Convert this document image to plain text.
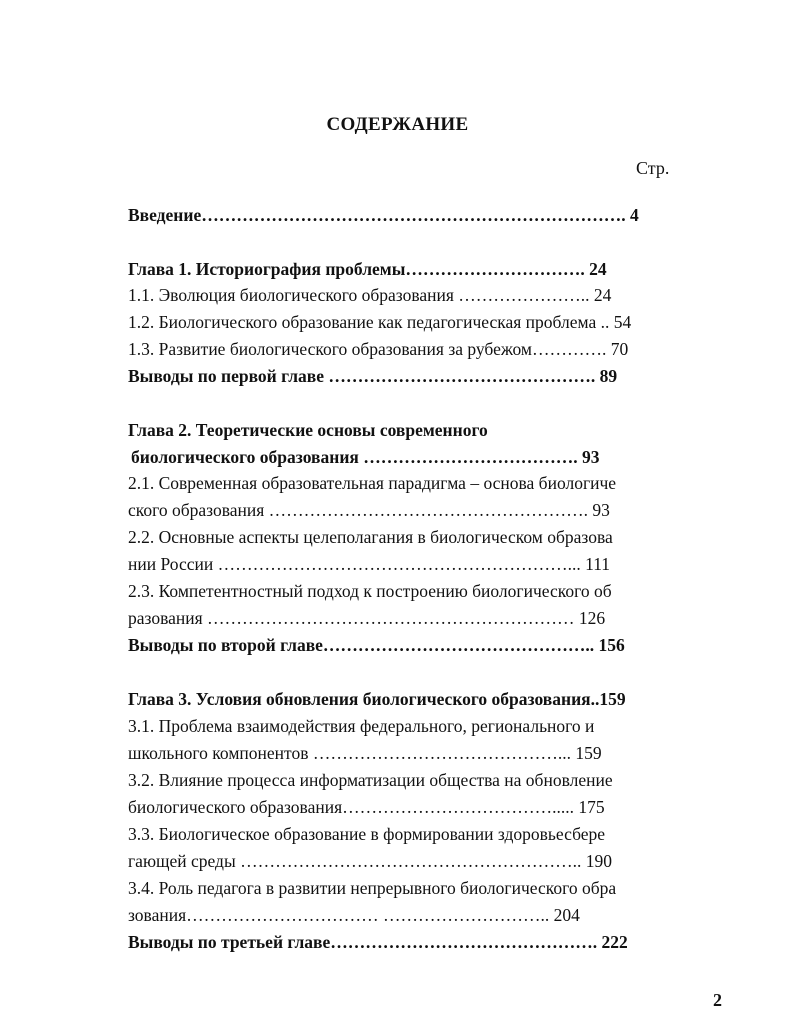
СОДЕРЖАНИЕ
Стр.
Введение………………………………………………………………. 4
Глава 1. Историография проблемы…………………………. 24
1.1. Эволюция биологического образования ………………….. 24
1.2. Биологического образование как педагогическая проблема .. 54
1.3. Развитие биологического образования за рубежом…………. 70
Выводы по первой главе ………………………………………. 89
Глава 2. Теоретические основы современного
биологического образования ………………………………. 93
2.1. Современная образовательная парадигма – основа биологиче
ского образования ………………………………………………. 93
2.2. Основные аспекты целеполагания в биологическом образова
нии России ……………………………………………………... 111
2.3. Компетентностный подход к построению биологического об
разования ……………………………………………………… 126
Выводы по второй главе……………………………………….. 156
Глава 3. Условия обновления биологического образования..159
3.1. Проблема взаимодействия федерального, регионального и
школьного компонентов ……………………………………... 159
3.2. Влияние процесса информатизации общества на обновление
биологического образования………………………………..... 175
3.3. Биологическое образование в формировании здоровьесбере
гающей среды ………………………………………………….. 190
3.4. Роль педагога в развитии непрерывного биологического обра
зования…………………………… ……………………….. 204
Выводы по третьей главе………………………………………. 222
2
